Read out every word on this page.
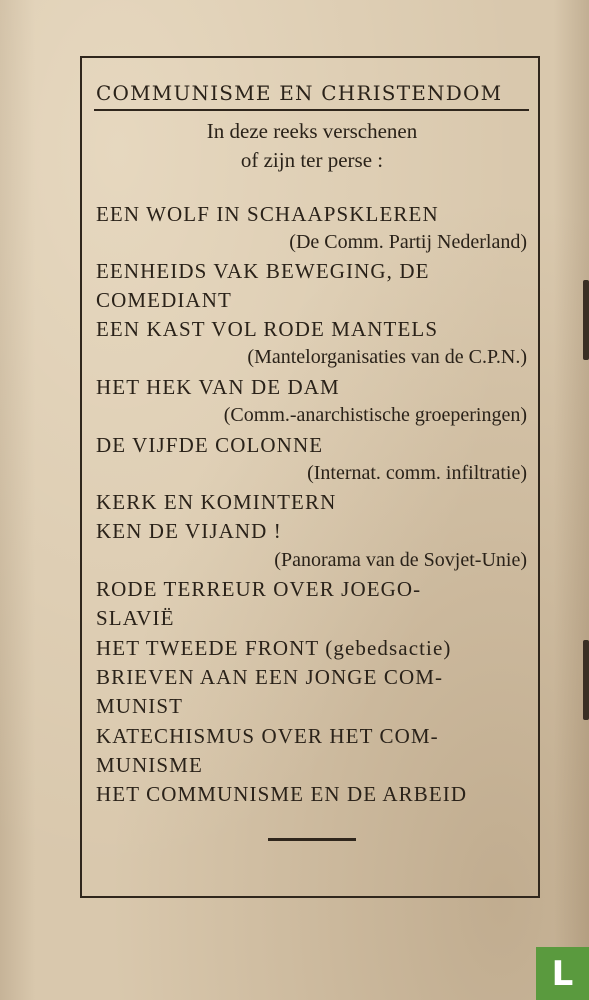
COMMUNISME EN CHRISTENDOM
In deze reeks verschenen
of zijn ter perse :
EEN WOLF IN SCHAAPSKLEREN
(De Comm. Partij Nederland)
EENHEIDS VAK BEWEGING, DE
COMEDIANT
EEN KAST VOL RODE MANTELS
(Mantelorganisaties van de C.P.N.)
HET HEK VAN DE DAM
(Comm.-anarchistische groeperingen)
DE VIJFDE COLONNE
(Internat. comm. infiltratie)
KERK EN KOMINTERN
KEN DE VIJAND !
(Panorama van de Sovjet-Unie)
RODE TERREUR OVER JOEGO-
SLAVIË
HET TWEEDE FRONT (gebedsactie)
BRIEVEN AAN EEN JONGE COM-
MUNIST
KATECHISMUS OVER HET COM-
MUNISME
HET COMMUNISME EN DE ARBEID
L
